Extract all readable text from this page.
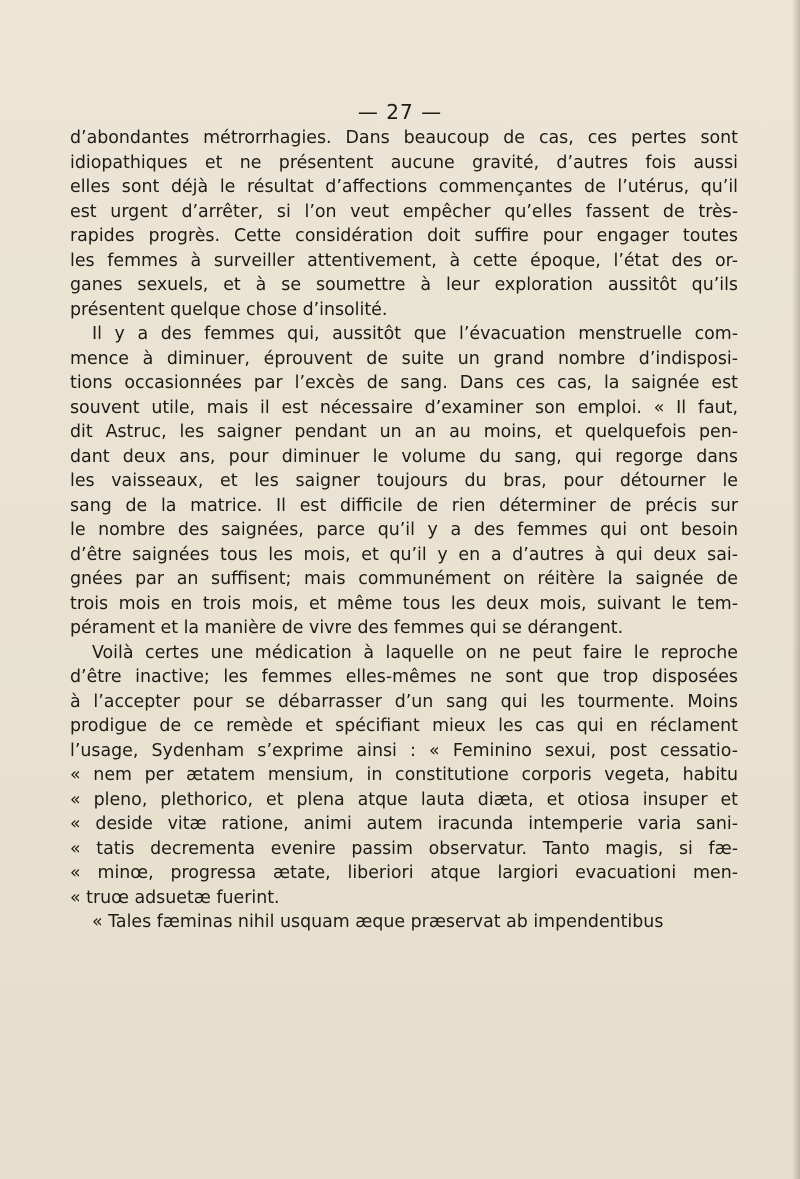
— 27 —
d’abondantes métrorrhagies. Dans beaucoup de cas, ces pertes sont
idiopathiques et ne présentent aucune gravité, d’autres fois aussi
elles sont déjà le résultat d’affections commençantes de l’utérus, qu’il
est urgent d’arrêter, si l’on veut empêcher qu’elles fassent de très-
rapides progrès. Cette considération doit suffire pour engager toutes
les femmes à surveiller attentivement, à cette époque, l’état des or-
ganes sexuels, et à se soumettre à leur exploration aussitôt qu’ils
présentent quelque chose d’insolité.
Il y a des femmes qui, aussitôt que l’évacuation menstruelle com-
mence à diminuer, éprouvent de suite un grand nombre d’indisposi-
tions occasionnées par l’excès de sang. Dans ces cas, la saignée est
souvent utile, mais il est nécessaire d’examiner son emploi. « Il faut,
dit Astruc, les saigner pendant un an au moins, et quelquefois pen-
dant deux ans, pour diminuer le volume du sang, qui regorge dans
les vaisseaux, et les saigner toujours du bras, pour détourner le
sang de la matrice. Il est difficile de rien déterminer de précis sur
le nombre des saignées, parce qu’il y a des femmes qui ont besoin
d’être saignées tous les mois, et qu’il y en a d’autres à qui deux sai-
gnées par an suffisent; mais communément on réitère la saignée de
trois mois en trois mois, et même tous les deux mois, suivant le tem-
pérament et la manière de vivre des femmes qui se dérangent.
Voilà certes une médication à laquelle on ne peut faire le reproche
d’être inactive; les femmes elles-mêmes ne sont que trop disposées
à l’accepter pour se débarrasser d’un sang qui les tourmente. Moins
prodigue de ce remède et spécifiant mieux les cas qui en réclament
l’usage, Sydenham s’exprime ainsi : « Feminino sexui, post cessatio-
« nem per ætatem mensium, in constitutione corporis vegeta, habitu
« pleno, plethorico, et plena atque lauta diæta, et otiosa insuper et
« deside vitæ ratione, animi autem iracunda intemperie varia sani-
« tatis decrementa evenire passim observatur. Tanto magis, si fæ-
« minœ, progressa ætate, liberiori atque largiori evacuationi men-
« truœ adsuetæ fuerint.
« Tales fæminas nihil usquam æque præservat ab impendentibus
